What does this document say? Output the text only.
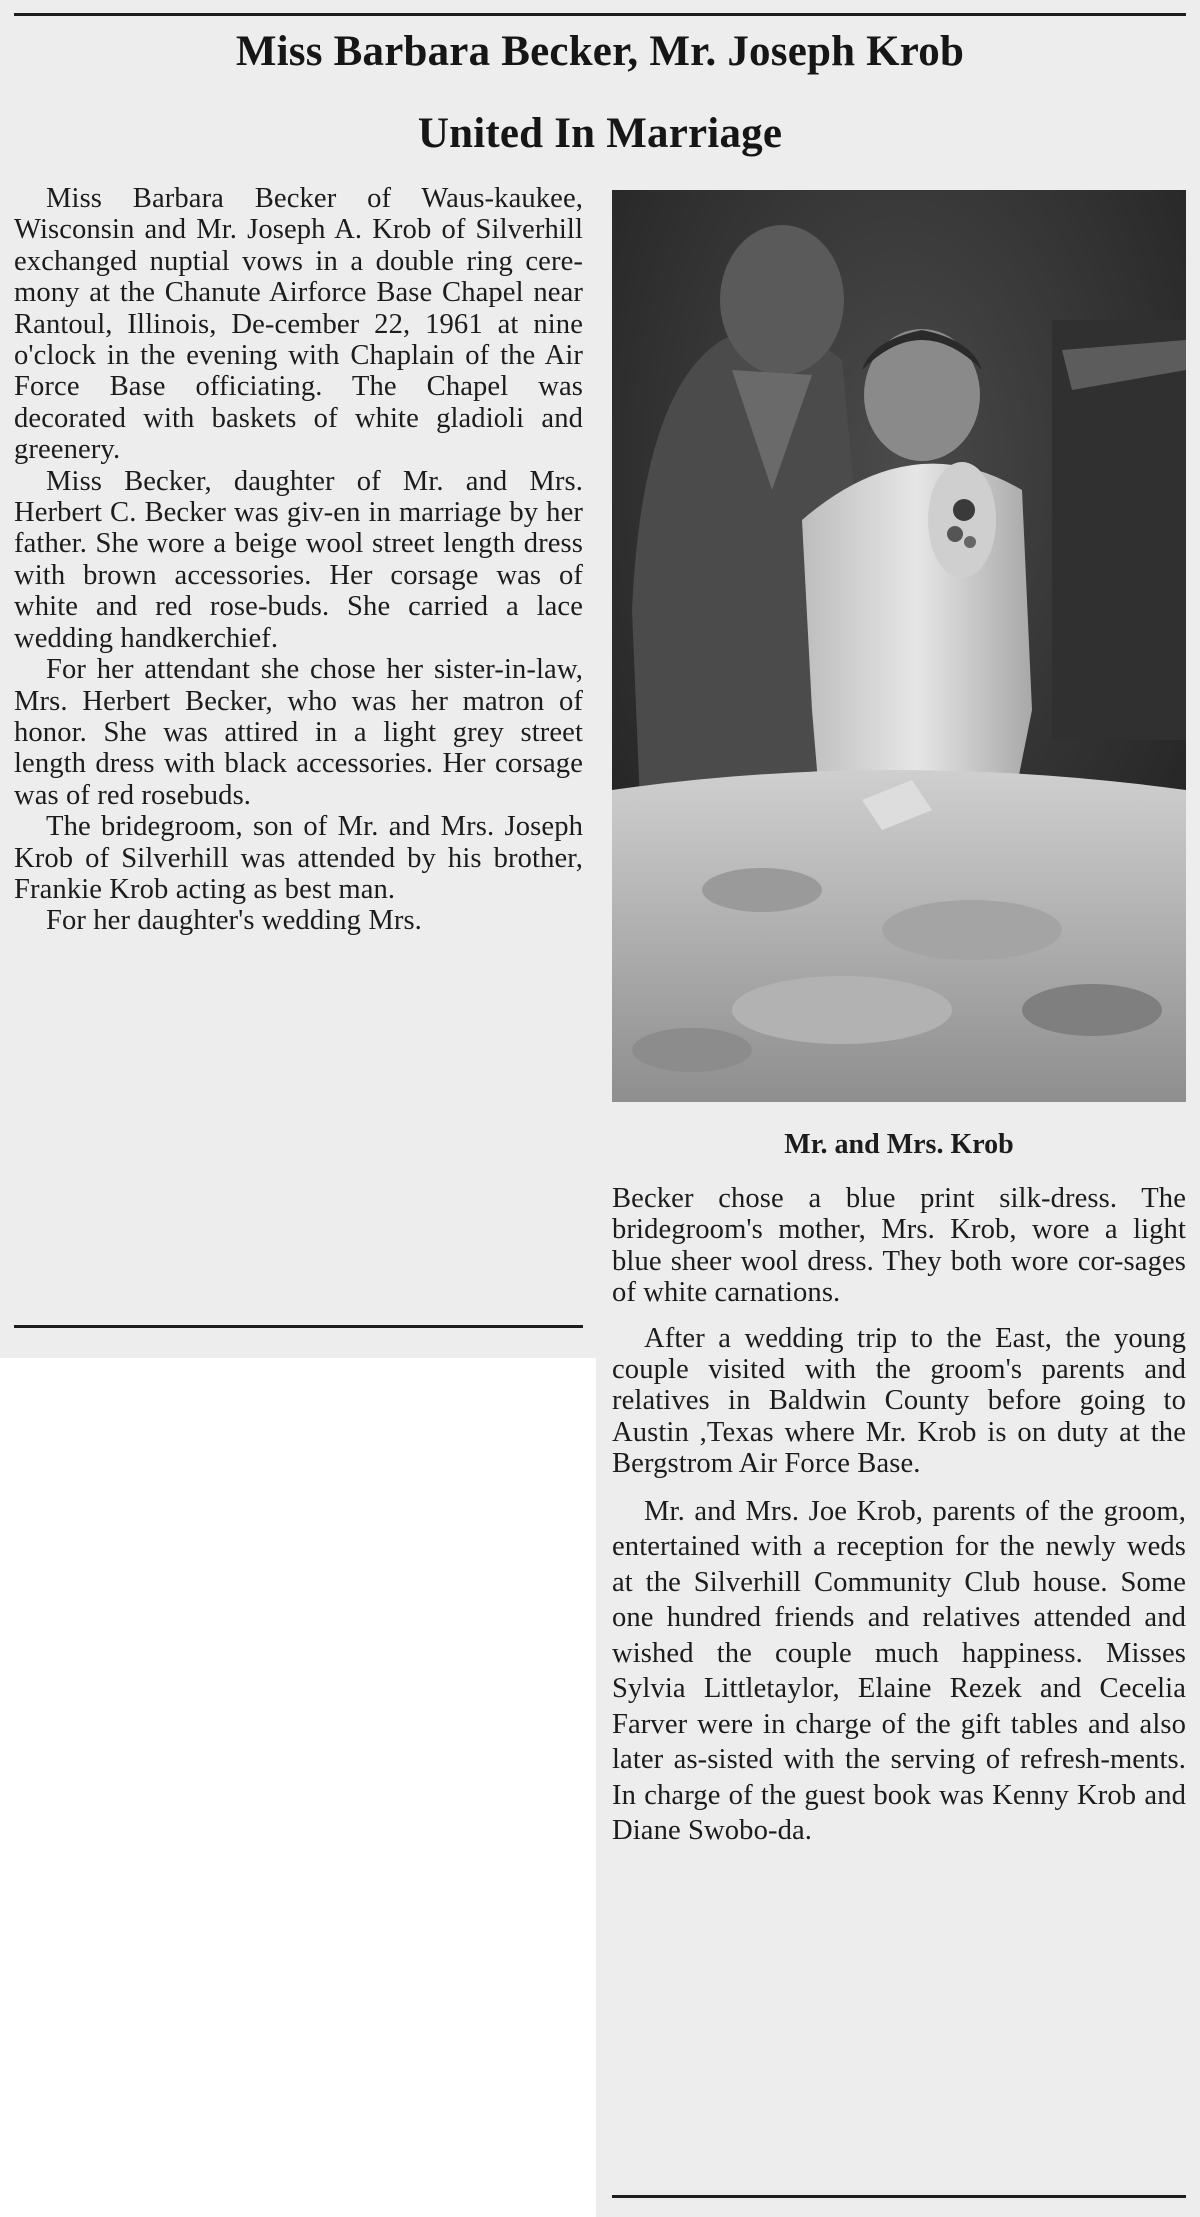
Miss Barbara Becker, Mr. Joseph Krob
United In Marriage

Miss Barbara Becker of Waus-kaukee, Wisconsin and Mr. Joseph A. Krob of Silverhill exchanged nuptial vows in a double ring cere-mony at the Chanute Airforce Base Chapel near Rantoul, Illinois, De-cember 22, 1961 at nine o'clock in the evening with Chaplain of the Air Force Base officiating. The Chapel was decorated with baskets of white gladioli and greenery.

Miss Becker, daughter of Mr. and Mrs. Herbert C. Becker was giv-en in marriage by her father. She wore a beige wool street length dress with brown accessories. Her corsage was of white and red rose-buds. She carried a lace wedding handkerchief.

For her attendant she chose her sister-in-law, Mrs. Herbert Becker, who was her matron of honor. She was attired in a light grey street length dress with black accessories. Her corsage was of red rosebuds.

The bridegroom, son of Mr. and Mrs. Joseph Krob of Silverhill was attended by his brother, Frankie Krob acting as best man.

For her daughter's wedding Mrs.

Mr. and Mrs. Krob

Becker chose a blue print silk-dress. The bridegroom's mother, Mrs. Krob, wore a light blue sheer wool dress. They both wore cor-sages of white carnations.

After a wedding trip to the East, the young couple visited with the groom's parents and relatives in Baldwin County before going to Austin ,Texas where Mr. Krob is on duty at the Bergstrom Air Force Base.

Mr. and Mrs. Joe Krob, parents of the groom, entertained with a reception for the newly weds at the Silverhill Community Club house. Some one hundred friends and relatives attended and wished the couple much happiness. Misses Sylvia Littletaylor, Elaine Rezek and Cecelia Farver were in charge of the gift tables and also later as-sisted with the serving of refresh-ments. In charge of the guest book was Kenny Krob and Diane Swobo-da.
